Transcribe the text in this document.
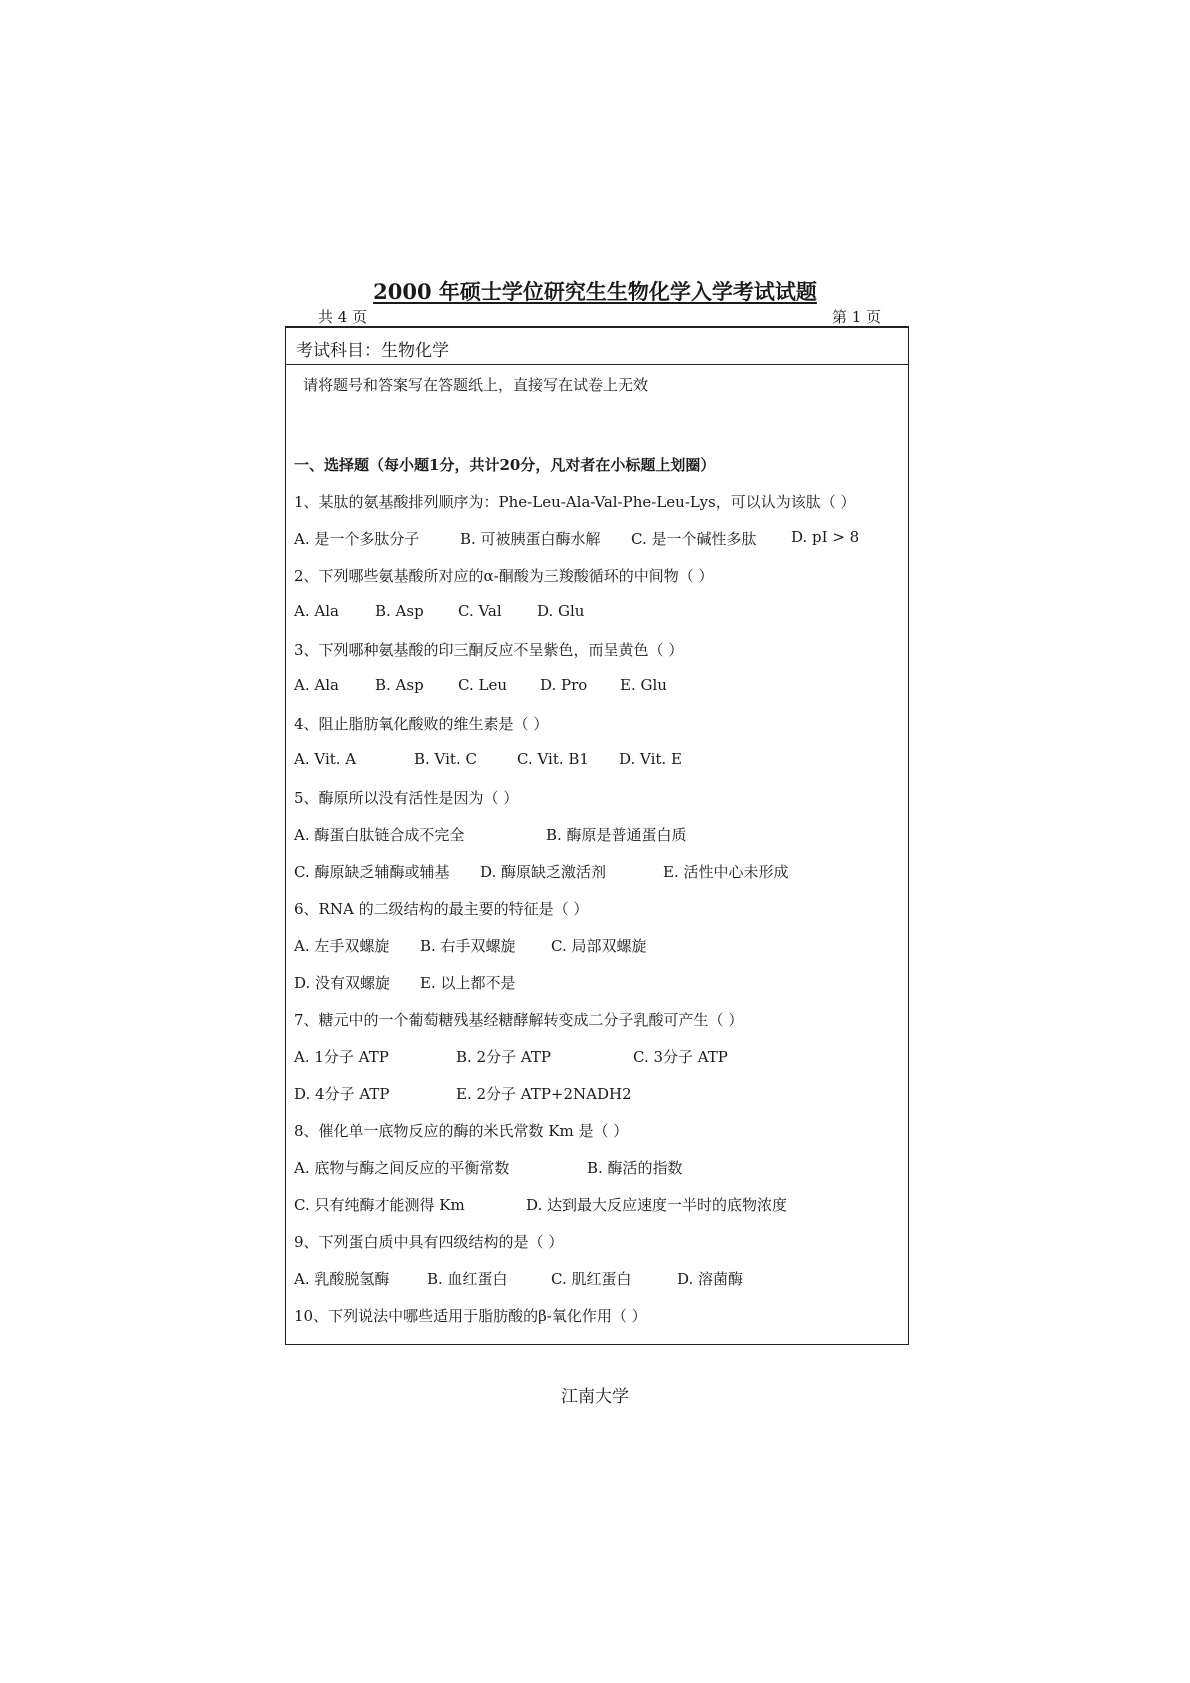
2000 年硕士学位研究生生物化学入学考试试题
共 4 页	第 1 页
考试科目：生物化学
请将题号和答案写在答题纸上，直接写在试卷上无效
一、选择题（每小题1分，共计20分，凡对者在小标题上划圈）
1、某肽的氨基酸排列顺序为：Phe-Leu-Ala-Val-Phe-Leu-Lys，可以认为该肽（ ）
A. 是一个多肽分子	B. 可被胰蛋白酶水解 C. 是一个碱性多肽 D. pI > 8
2、下列哪些氨基酸所对应的α-酮酸为三羧酸循环的中间物（ ）
A. Ala B. Asp C. Val D. Glu
3、下列哪种氨基酸的印三酮反应不呈紫色，而呈黄色（ ）
A. Ala B. Asp C. Leu D. Pro E. Glu
4、阻止脂肪氧化酸败的维生素是（ ）
A. Vit. A	B. Vit. C	C. Vit. B1 D. Vit. E
5、酶原所以没有活性是因为（ ）
A. 酶蛋白肽链合成不完全	B. 酶原是普通蛋白质
C. 酶原缺乏辅酶或辅基 D. 酶原缺乏激活剂	E. 活性中心未形成
6、RNA 的二级结构的最主要的特征是（ ）
A. 左手双螺旋 B. 右手双螺旋 C. 局部双螺旋
D. 没有双螺旋 E. 以上都不是
7、糖元中的一个葡萄糖残基经糖酵解转变成二分子乳酸可产生（ ）
A. 1分子 ATP	B. 2分子 ATP	C. 3分子 ATP
D. 4分子 ATP	E. 2分子 ATP+2NADH2
8、催化单一底物反应的酶的米氏常数 Km 是（ ）
A. 底物与酶之间反应的平衡常数	B. 酶活的指数
C. 只有纯酶才能测得 Km	D. 达到最大反应速度一半时的底物浓度
9、下列蛋白质中具有四级结构的是（ ）
A. 乳酸脱氢酶	B. 血红蛋白	C. 肌红蛋白	D. 溶菌酶
10、下列说法中哪些适用于脂肪酸的β-氧化作用（ ）
江南大学
